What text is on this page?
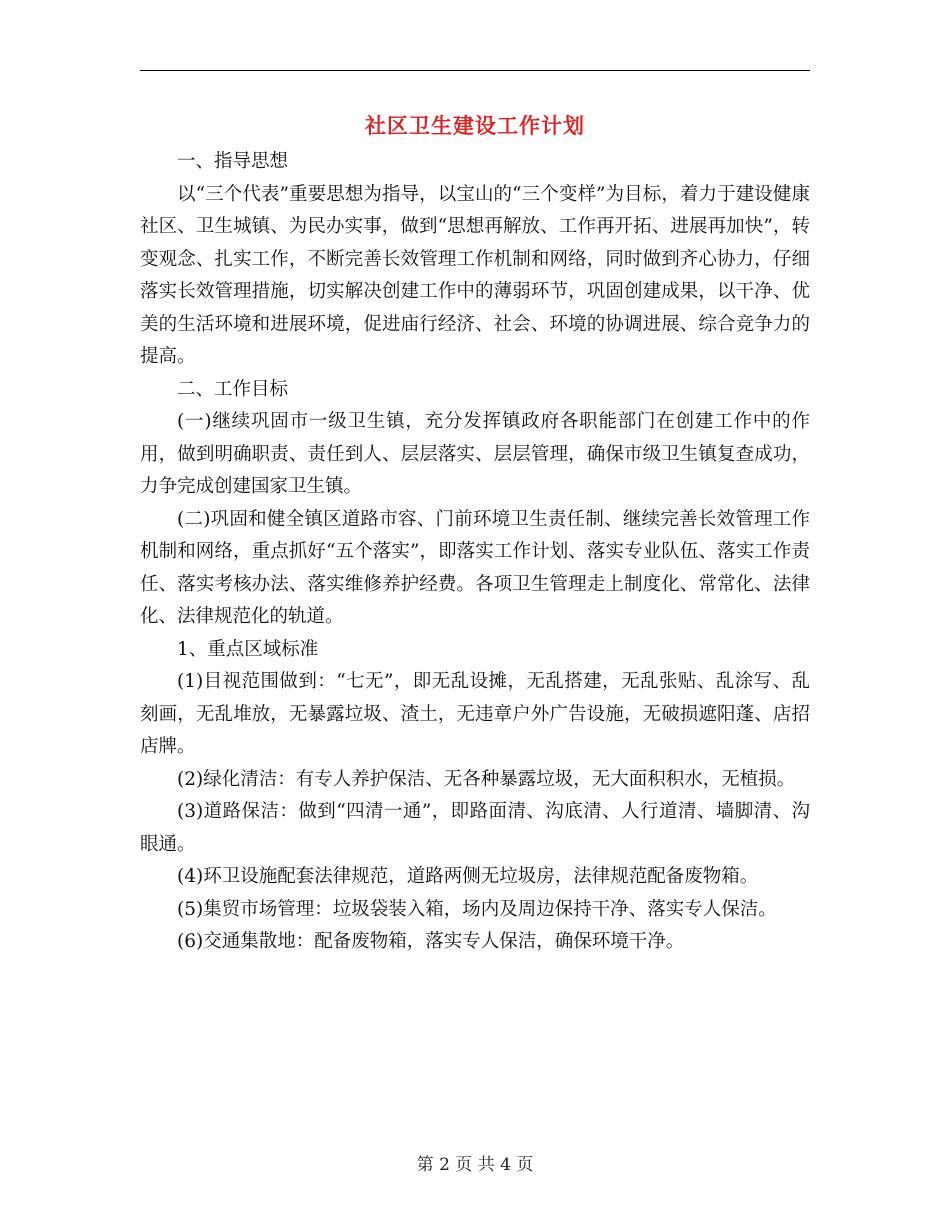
社区卫生建设工作计划

一、指导思想

以“三个代表”重要思想为指导，以宝山的“三个变样”为目标，着力于建设健康社区、卫生城镇、为民办实事，做到“思想再解放、工作再开拓、进展再加快”，转变观念、扎实工作，不断完善长效管理工作机制和网络，同时做到齐心协力，仔细落实长效管理措施，切实解决创建工作中的薄弱环节，巩固创建成果，以干净、优美的生活环境和进展环境，促进庙行经济、社会、环境的协调进展、综合竞争力的提高。

二、工作目标

(一)继续巩固市一级卫生镇，充分发挥镇政府各职能部门在创建工作中的作用，做到明确职责、责任到人、层层落实、层层管理，确保市级卫生镇复查成功，力争完成创建国家卫生镇。

(二)巩固和健全镇区道路市容、门前环境卫生责任制、继续完善长效管理工作机制和网络，重点抓好“五个落实”，即落实工作计划、落实专业队伍、落实工作责任、落实考核办法、落实维修养护经费。各项卫生管理走上制度化、常常化、法律化、法律规范化的轨道。

1、重点区域标准

(1)目视范围做到：“七无”，即无乱设摊，无乱搭建，无乱张贴、乱涂写、乱刻画，无乱堆放，无暴露垃圾、渣土，无违章户外广告设施，无破损遮阳蓬、店招店牌。

(2)绿化清洁：有专人养护保洁、无各种暴露垃圾，无大面积积水，无植损。

(3)道路保洁：做到“四清一通”，即路面清、沟底清、人行道清、墙脚清、沟眼通。

(4)环卫设施配套法律规范，道路两侧无垃圾房，法律规范配备废物箱。

(5)集贸市场管理：垃圾袋装入箱，场内及周边保持干净、落实专人保洁。

(6)交通集散地：配备废物箱，落实专人保洁，确保环境干净。

第 2 页 共 4 页
